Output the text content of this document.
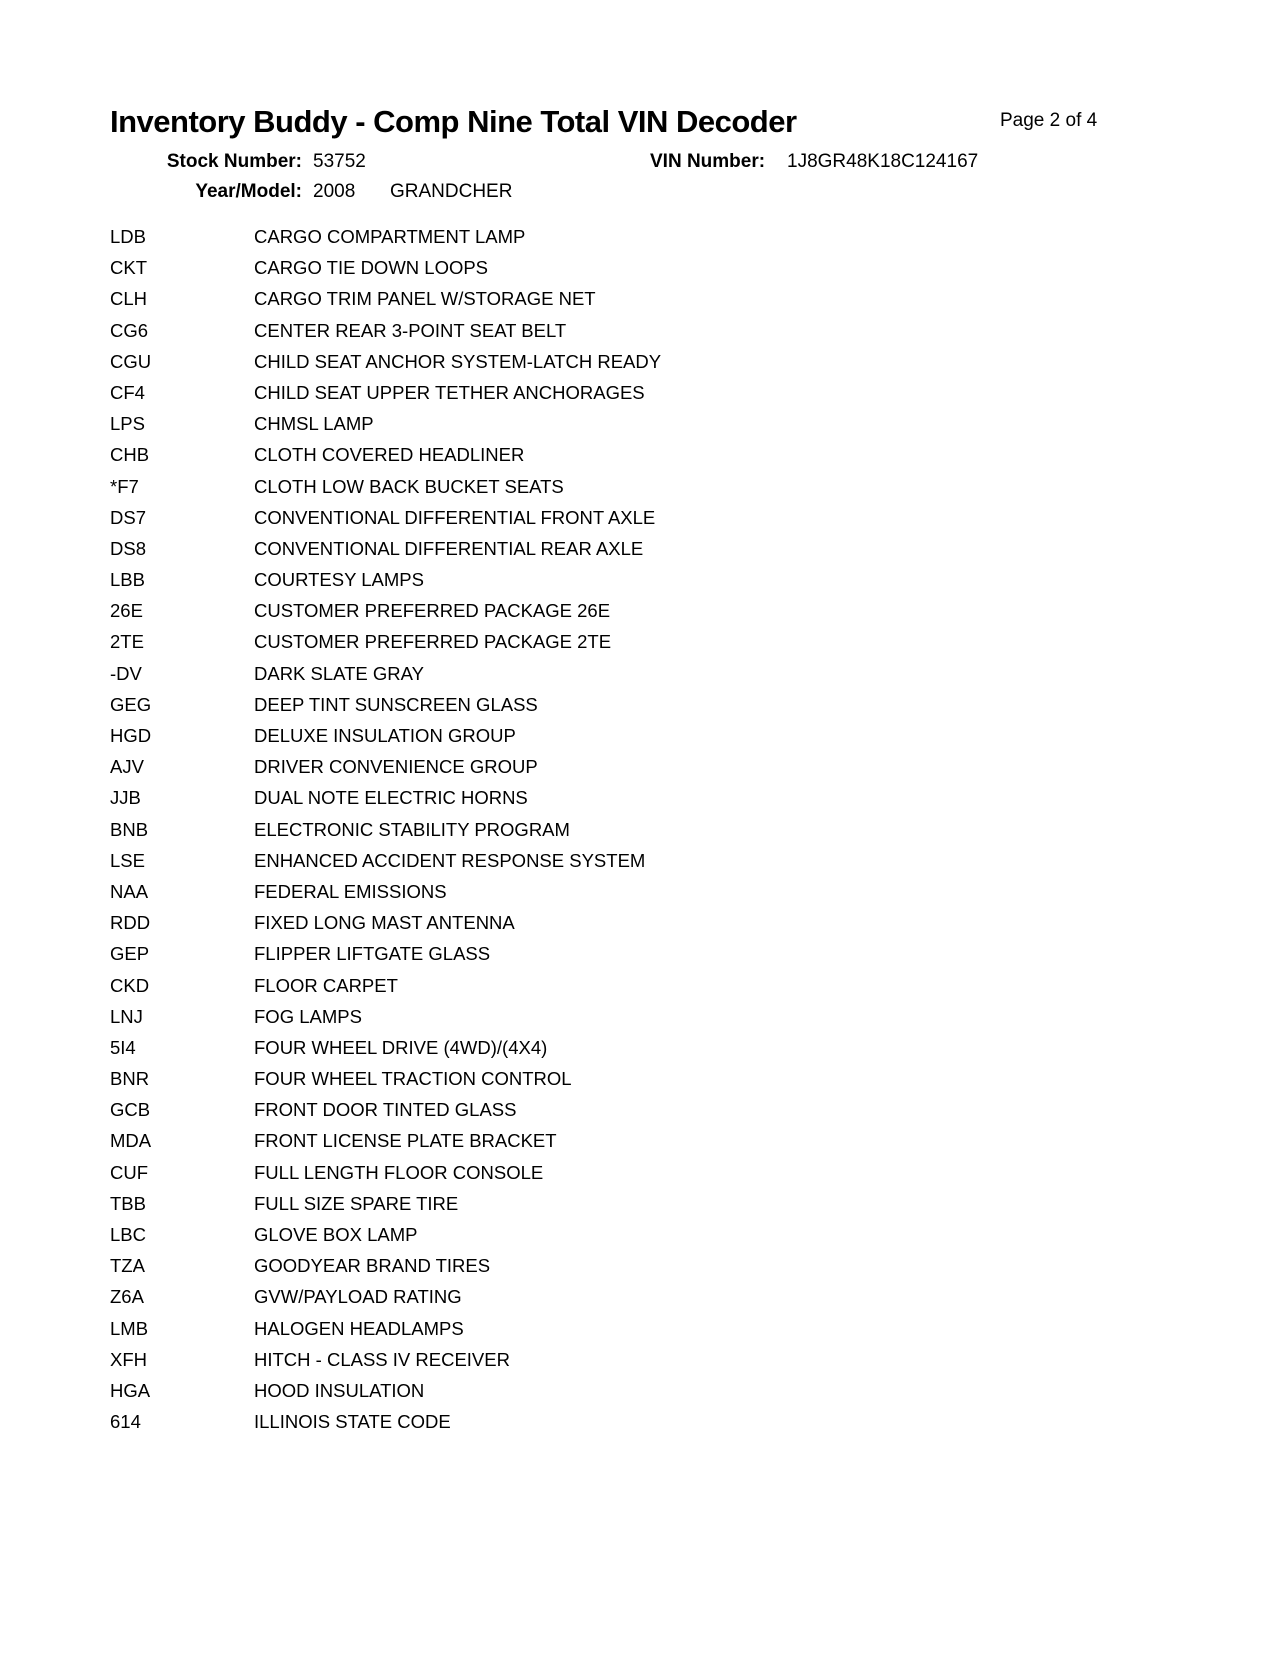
Inventory Buddy - Comp Nine Total VIN Decoder	Page 2 of 4
Stock Number: 53752	VIN Number: 1J8GR48K18C124167
Year/Model: 2008 GRANDCHER
LDB	CARGO COMPARTMENT LAMP
CKT	CARGO TIE DOWN LOOPS
CLH	CARGO TRIM PANEL W/STORAGE NET
CG6	CENTER REAR 3-POINT SEAT BELT
CGU	CHILD SEAT ANCHOR SYSTEM-LATCH READY
CF4	CHILD SEAT UPPER TETHER ANCHORAGES
LPS	CHMSL LAMP
CHB	CLOTH COVERED HEADLINER
*F7	CLOTH LOW BACK BUCKET SEATS
DS7	CONVENTIONAL DIFFERENTIAL FRONT AXLE
DS8	CONVENTIONAL DIFFERENTIAL REAR AXLE
LBB	COURTESY LAMPS
26E	CUSTOMER PREFERRED PACKAGE 26E
2TE	CUSTOMER PREFERRED PACKAGE 2TE
-DV	DARK SLATE GRAY
GEG	DEEP TINT SUNSCREEN GLASS
HGD	DELUXE INSULATION GROUP
AJV	DRIVER CONVENIENCE GROUP
JJB	DUAL NOTE ELECTRIC HORNS
BNB	ELECTRONIC STABILITY PROGRAM
LSE	ENHANCED ACCIDENT RESPONSE SYSTEM
NAA	FEDERAL EMISSIONS
RDD	FIXED LONG MAST ANTENNA
GEP	FLIPPER LIFTGATE GLASS
CKD	FLOOR CARPET
LNJ	FOG LAMPS
5I4	FOUR WHEEL DRIVE (4WD)/(4X4)
BNR	FOUR WHEEL TRACTION CONTROL
GCB	FRONT DOOR TINTED GLASS
MDA	FRONT LICENSE PLATE BRACKET
CUF	FULL LENGTH FLOOR CONSOLE
TBB	FULL SIZE SPARE TIRE
LBC	GLOVE BOX LAMP
TZA	GOODYEAR BRAND TIRES
Z6A	GVW/PAYLOAD RATING
LMB	HALOGEN HEADLAMPS
XFH	HITCH - CLASS IV RECEIVER
HGA	HOOD INSULATION
614	ILLINOIS STATE CODE
